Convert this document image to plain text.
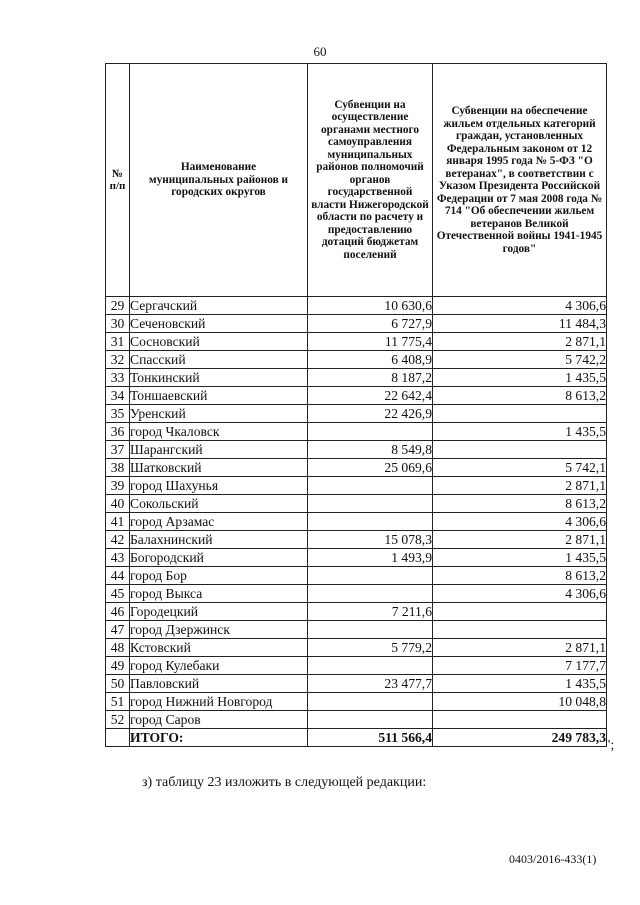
60
№ п/п	Наименование муниципальных районов и городских округов	Субвенции на осуществление органами местного самоуправления муниципальных районов полномочий органов государственной власти Нижегородской области по расчету и предоставлению дотаций бюджетам поселений	Субвенции на обеспечение жильем отдельных категорий граждан, установленных Федеральным законом от 12 января 1995 года № 5-ФЗ "О ветеранах", в соответствии с Указом Президента Российской Федерации от 7 мая 2008 года № 714 "Об обеспечении жильем ветеранов Великой Отечественной войны 1941-1945 годов"
29	Сергачский	10 630,6	4 306,6
30	Сеченовский	6 727,9	11 484,3
31	Сосновский	11 775,4	2 871,1
32	Спасский	6 408,9	5 742,2
33	Тонкинский	8 187,2	1 435,5
34	Тоншаевский	22 642,4	8 613,2
35	Уренский	22 426,9	
36	город Чкаловск		1 435,5
37	Шарангский	8 549,8	
38	Шатковский	25 069,6	5 742,1
39	город Шахунья		2 871,1
40	Сокольский		8 613,2
41	город Арзамас		4 306,6
42	Балахнинский	15 078,3	2 871,1
43	Богородский	1 493,9	1 435,5
44	город Бор		8 613,2
45	город Выкса		4 306,6
46	Городецкий	7 211,6	
47	город Дзержинск		
48	Кстовский	5 779,2	2 871,1
49	город Кулебаки		7 177,7
50	Павловский	23 477,7	1 435,5
51	город Нижний Новгород		10 048,8
52	город Саров		
	ИТОГО:	511 566,4	249 783,3 ";
з) таблицу 23 изложить в следующей редакции:
0403/2016-433(1)
